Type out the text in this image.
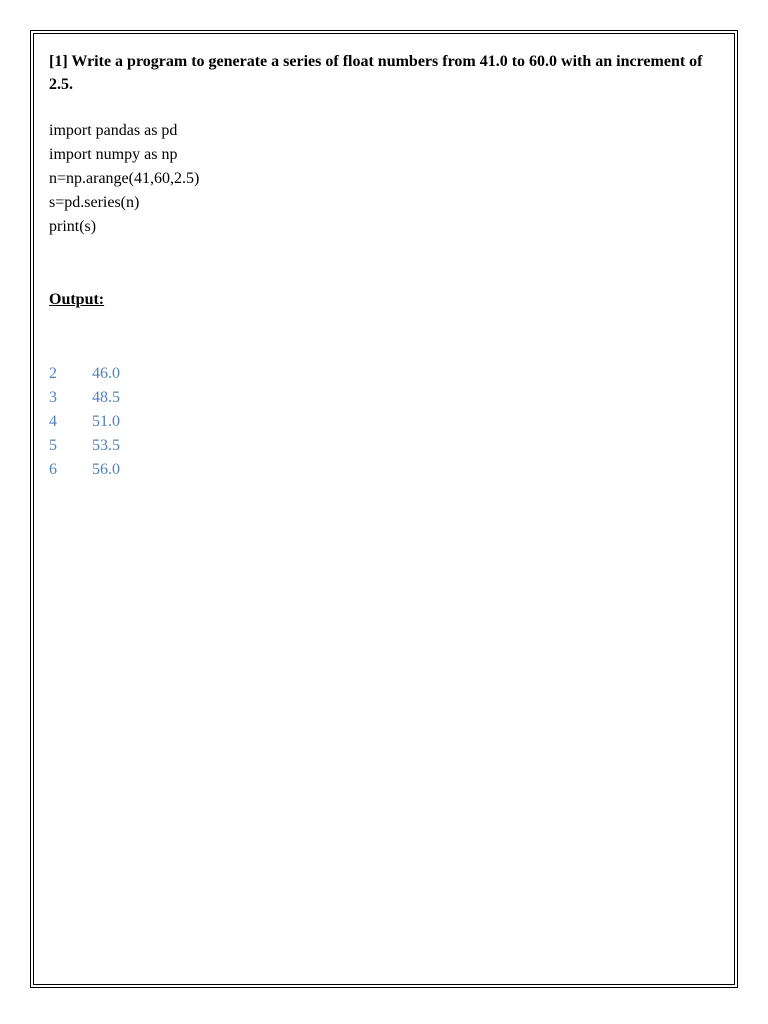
[1] Write a program to generate a series of float numbers from 41.0 to 60.0 with an increment of 2.5.

import pandas as pd
import numpy as np
n=np.arange(41,60,2.5)
s=pd.series(n)
print(s)
Output:
2 46.0
3 48.5
4 51.0
5 53.5
6 56.0
